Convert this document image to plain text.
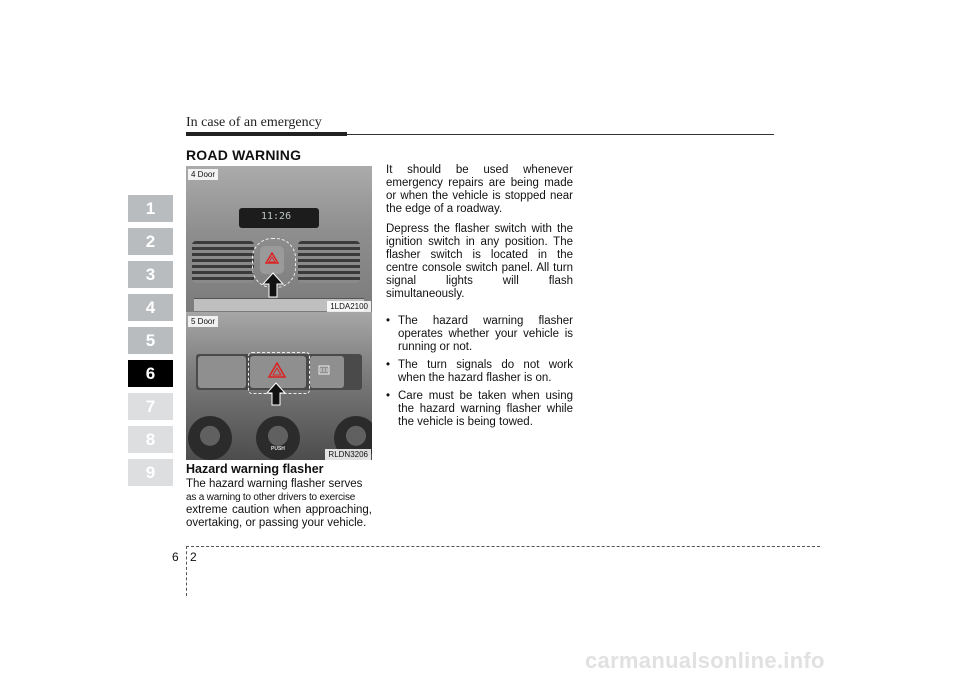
In case of an emergency
ROAD WARNING
1
2
3
4
5
6
7
8
9
11:26
4 Door
1LDA2100
PUSH
5 Door
RLDN3206
Hazard warning flasher

The hazard warning flasher serves
as a warning to other drivers to exercise
extreme caution when approaching, overtaking, or passing your vehicle.

It should be used whenever emergency repairs are being made or when the vehicle is stopped near the edge of a roadway.

Depress the flasher switch with the ignition switch in any position. The flasher switch is located in the centre console switch panel. All turn signal lights will flash simultaneously.

• The hazard warning flasher operates whether your vehicle is running or not.
• The turn signals do not work when the hazard flasher is on.
• Care must be taken when using the hazard warning flasher while the vehicle is being towed.
6 2
carmanualsonline.info
